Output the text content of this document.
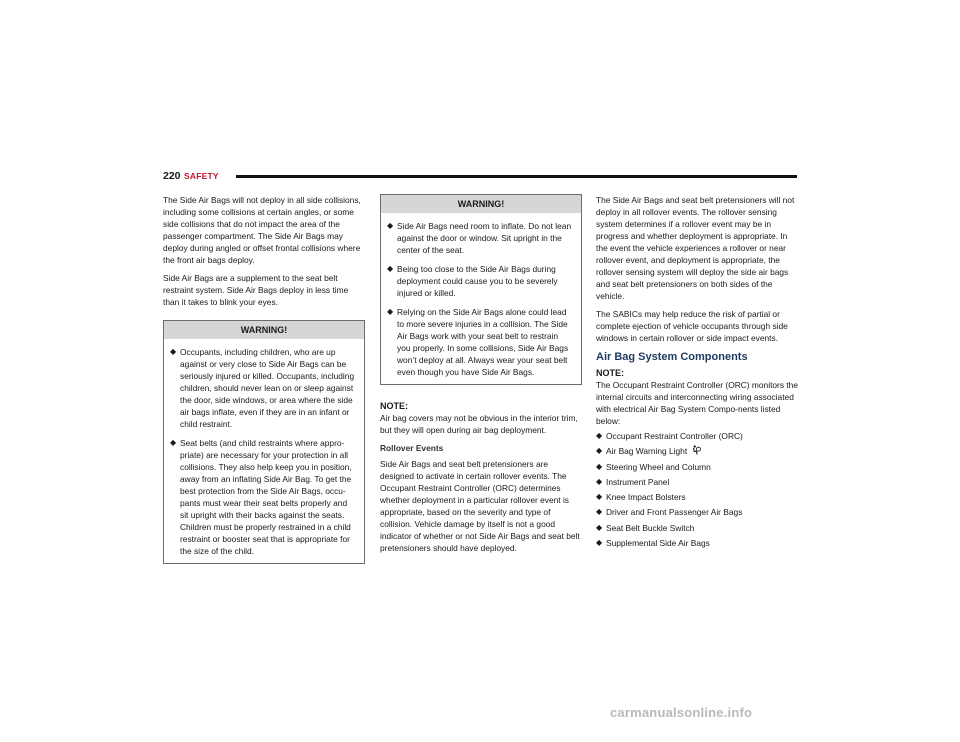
220 SAFETY

The Side Air Bags will not deploy in all side collisions, including some collisions at certain angles, or some side collisions that do not impact the area of the passenger compartment. The Side Air Bags may deploy during angled or offset frontal collisions where the front air bags deploy.

Side Air Bags are a supplement to the seat belt restraint system. Side Air Bags deploy in less time than it takes to blink your eyes.

WARNING!
◆ Occupants, including children, who are up against or very close to Side Air Bags can be seriously injured or killed. Occupants, including children, should never lean on or sleep against the door, side windows, or area where the side air bags inflate, even if they are in an infant or child restraint.
◆ Seat belts (and child restraints where appro-priate) are necessary for your protection in all collisions. They also help keep you in position, away from an inflating Side Air Bag. To get the best protection from the Side Air Bags, occu-pants must wear their seat belts properly and sit upright with their backs against the seats. Children must be properly restrained in a child restraint or booster seat that is appropriate for the size of the child.
WARNING!
◆ Side Air Bags need room to inflate. Do not lean against the door or window. Sit upright in the center of the seat.
◆ Being too close to the Side Air Bags during deployment could cause you to be severely injured or killed.
◆ Relying on the Side Air Bags alone could lead to more severe injuries in a collision. The Side Air Bags work with your seat belt to restrain you properly. In some collisions, Side Air Bags won’t deploy at all. Always wear your seat belt even though you have Side Air Bags.
NOTE:

Air bag covers may not be obvious in the interior trim, but they will open during air bag deployment.

Rollover Events

Side Air Bags and seat belt pretensioners are designed to activate in certain rollover events. The Occupant Restraint Controller (ORC) determines whether deployment in a particular rollover event is appropriate, based on the severity and type of collision. Vehicle damage by itself is not a good indicator of whether or not Side Air Bags and seat belt pretensioners should have deployed.

The Side Air Bags and seat belt pretensioners will not deploy in all rollover events. The rollover sensing system determines if a rollover event may be in progress and whether deployment is appropriate. In the event the vehicle experiences a rollover or near rollover event, and deployment is appropriate, the rollover sensing system will deploy the side air bags and seat belt pretensioners on both sides of the vehicle.

The SABICs may help reduce the risk of partial or complete ejection of vehicle occupants through side windows in certain rollover or side impact events.

Air Bag System Components
NOTE:

The Occupant Restraint Controller (ORC) monitors the internal circuits and interconnecting wiring associated with electrical Air Bag System Compo-nents listed below:

◆ Occupant Restraint Controller (ORC)
◆ Air Bag Warning Light
◆ Steering Wheel and Column
◆ Instrument Panel
◆ Knee Impact Bolsters
◆ Driver and Front Passenger Air Bags
◆ Seat Belt Buckle Switch
◆ Supplemental Side Air Bags
carmanualsonline.info
